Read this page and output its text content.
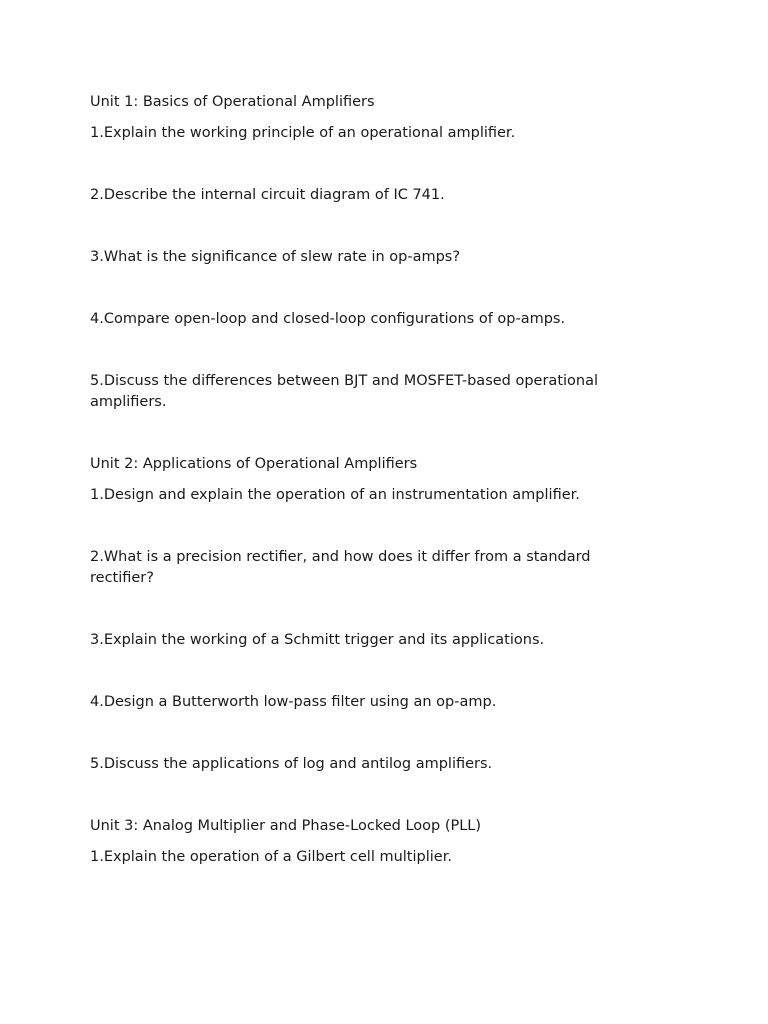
Unit 1: Basics of Operational Amplifiers

1.Explain the working principle of an operational amplifier.

2.Describe the internal circuit diagram of IC 741.

3.What is the significance of slew rate in op-amps?

4.Compare open-loop and closed-loop configurations of op-amps.

5.Discuss the differences between BJT and MOSFET-based operational amplifiers.

Unit 2: Applications of Operational Amplifiers

1.Design and explain the operation of an instrumentation amplifier.

2.What is a precision rectifier, and how does it differ from a standard rectifier?

3.Explain the working of a Schmitt trigger and its applications.

4.Design a Butterworth low-pass filter using an op-amp.

5.Discuss the applications of log and antilog amplifiers.

Unit 3: Analog Multiplier and Phase-Locked Loop (PLL)

1.Explain the operation of a Gilbert cell multiplier.
